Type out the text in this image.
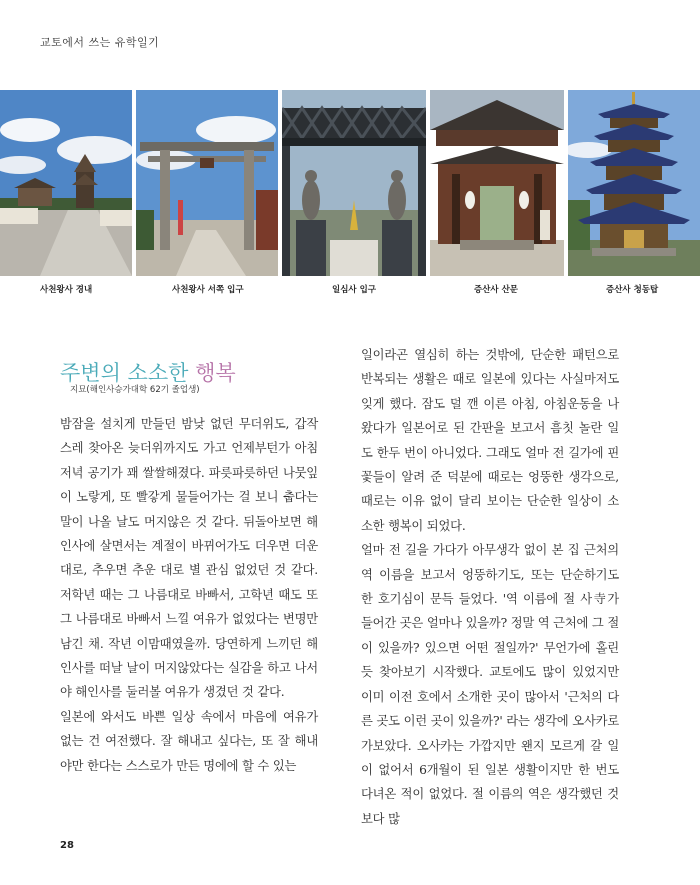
교토에서 쓰는 유학일기
사천왕사 경내	사천왕사 서쪽 입구	일심사 입구	증산사 산문	증산사 청동탑
주변의 소소한 행복
지묘(해인사승가대학 62기 졸업생)

밤잠을 설치게 만들던 밤낮 없던 무더위도, 갑작스레 찾아온 늦더위까지도 가고 언제부턴가 아침저녁 공기가 꽤 쌀쌀해졌다. 파릇파릇하던 나뭇잎이 노랗게, 또 빨갛게 물들어가는 걸 보니 춥다는 말이 나올 날도 머지않은 것 같다. 뒤돌아보면 해인사에 살면서는 계절이 바뀌어가도 더우면 더운 대로, 추우면 추운 대로 별 관심 없었던 것 같다. 저학년 때는 그 나름대로 바빠서, 고학년 때도 또 그 나름대로 바빠서 느낄 여유가 없었다는 변명만 남긴 채. 작년 이맘때였을까. 당연하게 느끼던 해인사를 떠날 날이 머지않았다는 실감을 하고 나서야 해인사를 둘러볼 여유가 생겼던 것 같다.

일본에 와서도 바쁜 일상 속에서 마음에 여유가 없는 건 여전했다. 잘 해내고 싶다는, 또 잘 해내야만 한다는 스스로가 만든 명에에 할 수 있는

일이라곤 열심히 하는 것밖에, 단순한 패턴으로 반복되는 생활은 때로 일본에 있다는 사실마저도 잊게 했다. 잠도 덜 깬 이른 아침, 아침운동을 나왔다가 일본어로 된 간판을 보고서 흠칫 놀란 일도 한두 번이 아니었다. 그래도 얼마 전 길가에 핀 꽃들이 알려 준 덕분에 때로는 엉뚱한 생각으로, 때로는 이유 없이 달리 보이는 단순한 일상이 소소한 행복이 되었다.

얼마 전 길을 가다가 아무생각 없이 본 집 근처의 역 이름을 보고서 엉뚱하기도, 또는 단순하기도 한 호기심이 문득 들었다. '역 이름에 절 사寺가 들어간 곳은 얼마나 있을까? 정말 역 근처에 그 절이 있을까? 있으면 어떤 절일까?' 무언가에 홀린 듯 찾아보기 시작했다. 교토에도 많이 있었지만 이미 이전 호에서 소개한 곳이 많아서 '근처의 다른 곳도 이런 곳이 있을까?' 라는 생각에 오사카로 가보았다. 오사카는 가깝지만 왠지 모르게 갈 일이 없어서 6개월이 된 일본 생활이지만 한 번도 다녀온 적이 없었다. 절 이름의 역은 생각했던 것보다 많

28
